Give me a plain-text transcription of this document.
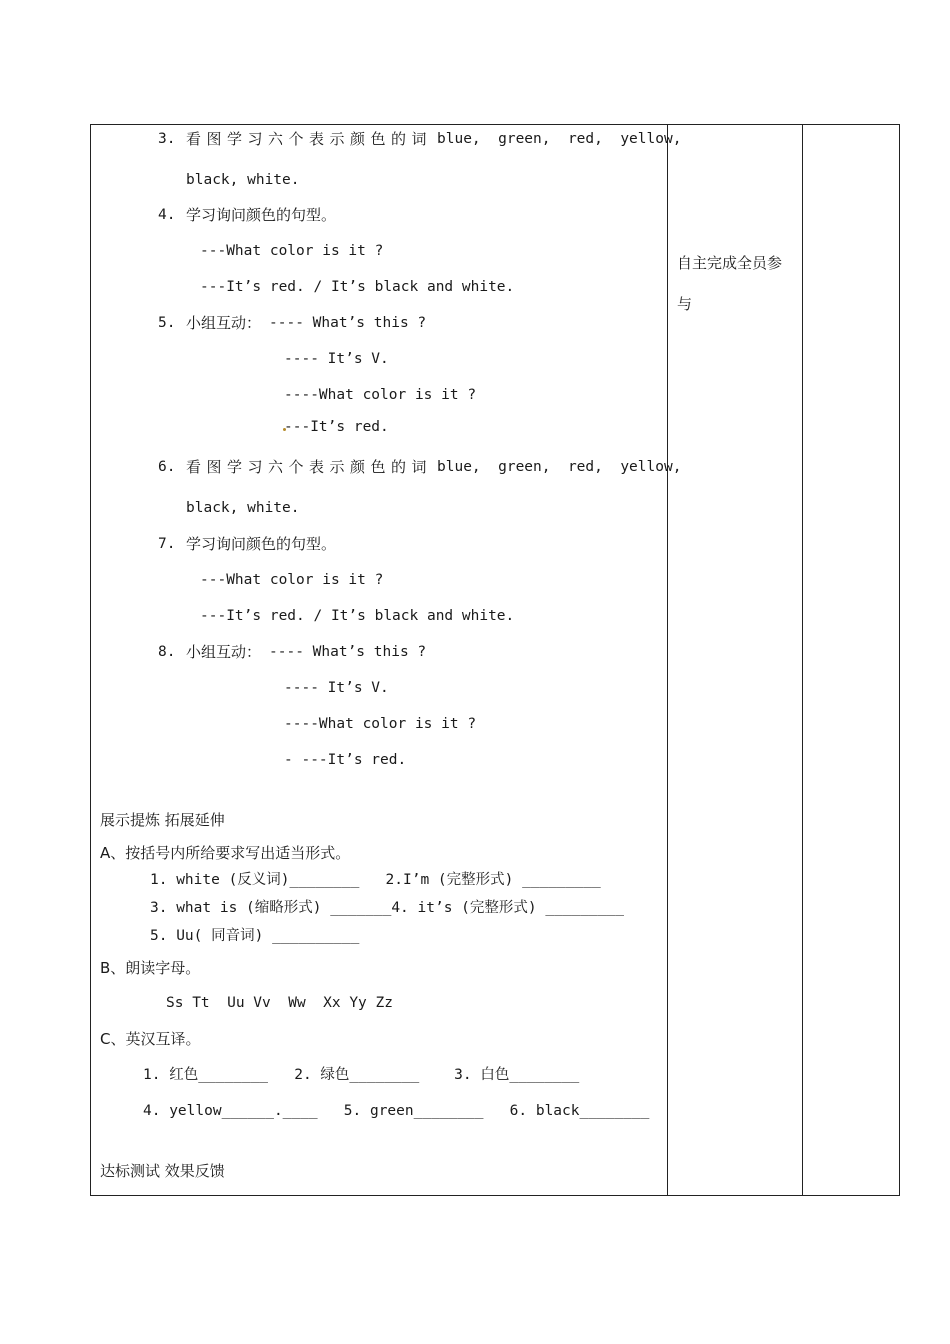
3. 看图学习六个表示颜色的词 blue,  green,  red,  yellow,
black, white.
4. 学习询问颜色的句型。
---What color is it ?
---It’s red. / It’s black and white.
5. 小组互动： ---- What’s this ?
---- It’s V.
----What color is it ?
---It’s red.
6. 看图学习六个表示颜色的词 blue,  green,  red,  yellow,
black, white.
7. 学习询问颜色的句型。
---What color is it ?
---It’s red. / It’s black and white.
8. 小组互动： ---- What’s this ?
---- It’s V.
----What color is it ?
- ---It’s red.
自主完成全员参
与
展示提炼 拓展延伸
A、按括号内所给要求写出适当形式。
1. white (反义词)________   2.I’m (完整形式) _________
3. what is (缩略形式) _______4. it’s (完整形式) _________
5. Uu( 同音词) __________
B、朗读字母。
Ss Tt  Uu Vv  Ww  Xx Yy Zz
C、英汉互译。
1. 红色________   2. 绿色________    3. 白色________
4. yellow______.____   5. green________   6. black________
达标测试 效果反馈
